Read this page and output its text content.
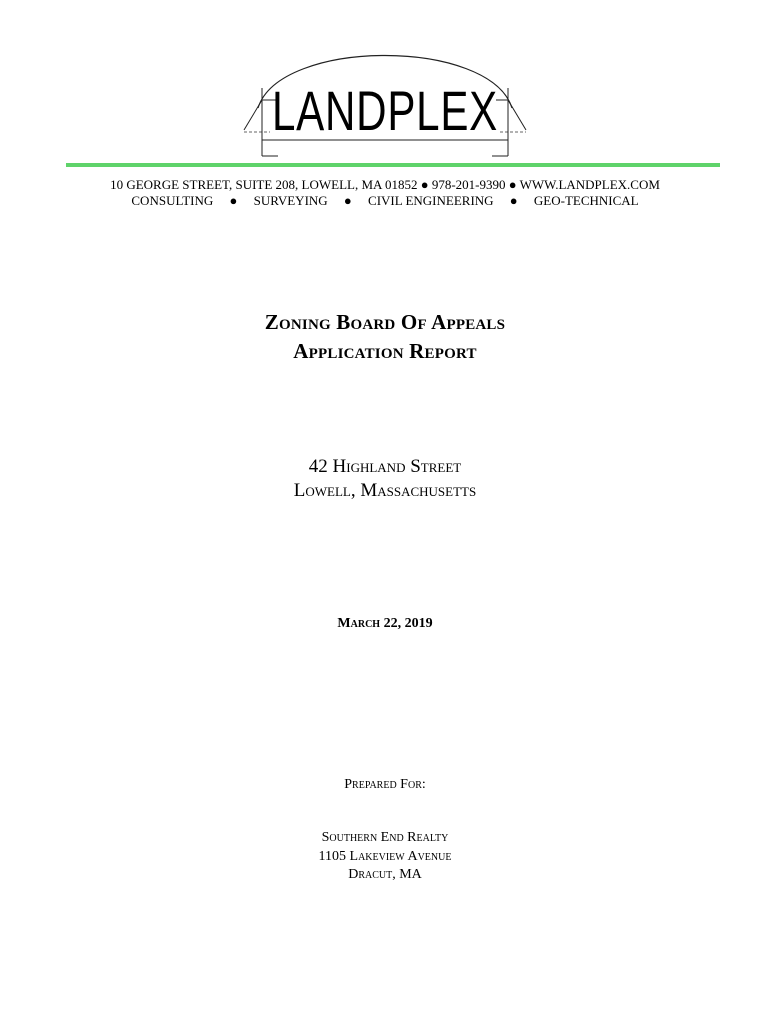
LANDPLEX
10 GEORGE STREET, SUITE 208, LOWELL, MA 01852 ● 978-201-9390 ● WWW.LANDPLEX.COM
CONSULTING     ●     SURVEYING     ●     CIVIL ENGINEERING     ●     GEO-TECHNICAL
Zoning Board Of Appeals
Application Report
42 Highland Street
Lowell, Massachusetts
March 22, 2019
Prepared For:
Southern End Realty
1105 Lakeview Avenue
Dracut, MA
